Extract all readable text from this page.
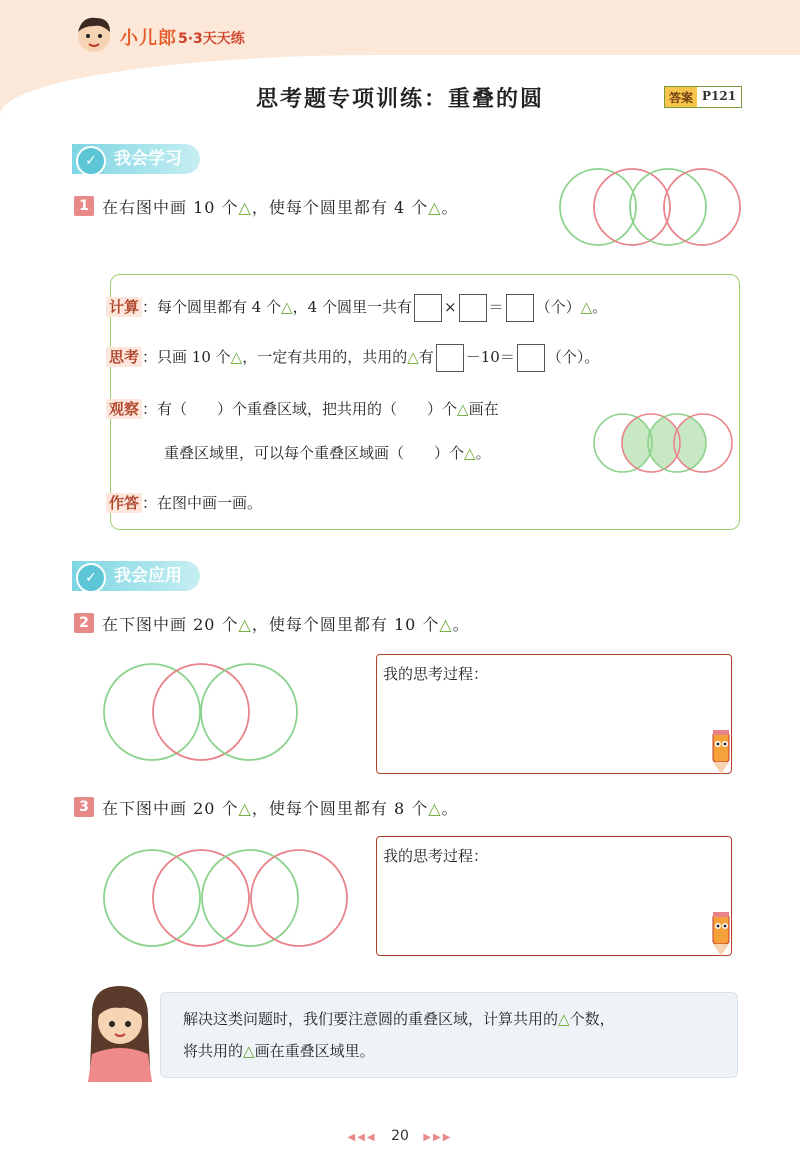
小儿郎 5·3天天练
思考题专项训练：重叠的圆	答案 P121
我会学习
✓
1 在右图中画 10 个△，使每个圆里都有 4 个△。
计算 ：每个圆里都有 4 个△，4 个圆里一共有 × ＝ （个）△。
思考 ：只画 10 个△，一定有共用的，共用的△有 －10＝ （个）。
观察 ：有（　　）个重叠区域，把共用的（　　）个△画在
重叠区域里，可以每个重叠区域画（　　）个△。
作答 ：在图中画一画。
我会应用
✓
2 在下图中画 20 个△，使每个圆里都有 10 个△。
我的思考过程：
3 在下图中画 20 个△，使每个圆里都有 8 个△。
我的思考过程：
解决这类问题时，我们要注意圆的重叠区域，计算共用的△个数，
将共用的△画在重叠区域里。
◀◀◀ 20 ▶▶▶
